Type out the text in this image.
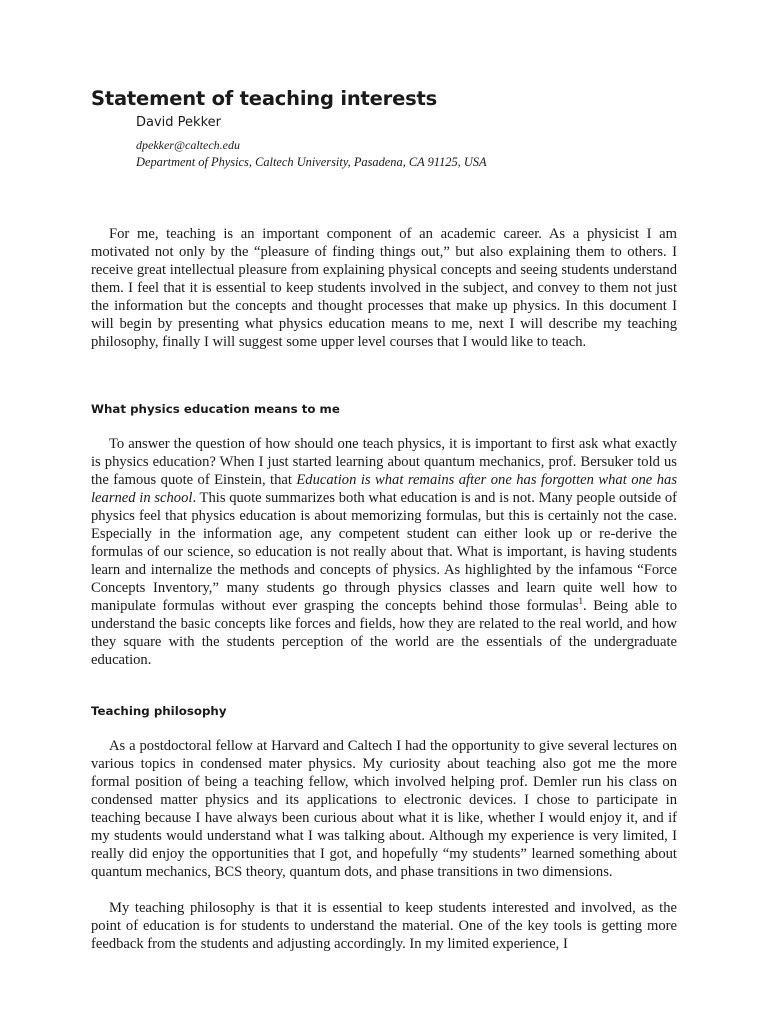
Statement of teaching interests
David Pekker
dpekker@caltech.edu
Department of Physics, Caltech University, Pasadena, CA 91125, USA

For me, teaching is an important component of an academic career. As a physicist I am motivated not only by the “pleasure of finding things out,” but also explaining them to others. I receive great intellectual pleasure from explaining physical concepts and seeing students understand them. I feel that it is essential to keep students involved in the subject, and convey to them not just the information but the concepts and thought processes that make up physics. In this document I will begin by presenting what physics education means to me, next I will describe my teaching philosophy, finally I will suggest some upper level courses that I would like to teach.

What physics education means to me

To answer the question of how should one teach physics, it is important to first ask what exactly is physics education? When I just started learning about quantum mechanics, prof. Bersuker told us the famous quote of Einstein, that Education is what remains after one has forgotten what one has learned in school. This quote summarizes both what education is and is not. Many people outside of physics feel that physics education is about memorizing formulas, but this is certainly not the case. Especially in the information age, any competent student can either look up or re-derive the formulas of our science, so education is not really about that. What is important, is having students learn and internalize the methods and concepts of physics. As highlighted by the infamous “Force Concepts Inventory,” many students go through physics classes and learn quite well how to manipulate formulas without ever grasping the concepts behind those formulas$^1$. Being able to understand the basic concepts like forces and fields, how they are related to the real world, and how they square with the students perception of the world are the essentials of the undergraduate education.

Teaching philosophy

As a postdoctoral fellow at Harvard and Caltech I had the opportunity to give several lectures on various topics in condensed mater physics. My curiosity about teaching also got me the more formal position of being a teaching fellow, which involved helping prof. Demler run his class on condensed matter physics and its applications to electronic devices. I chose to participate in teaching because I have always been curious about what it is like, whether I would enjoy it, and if my students would understand what I was talking about. Although my experience is very limited, I really did enjoy the opportunities that I got, and hopefully “my students” learned something about quantum mechanics, BCS theory, quantum dots, and phase transitions in two dimensions.

My teaching philosophy is that it is essential to keep students interested and involved, as the point of education is for students to understand the material. One of the key tools is getting more feedback from the students and adjusting accordingly. In my limited experience, I
